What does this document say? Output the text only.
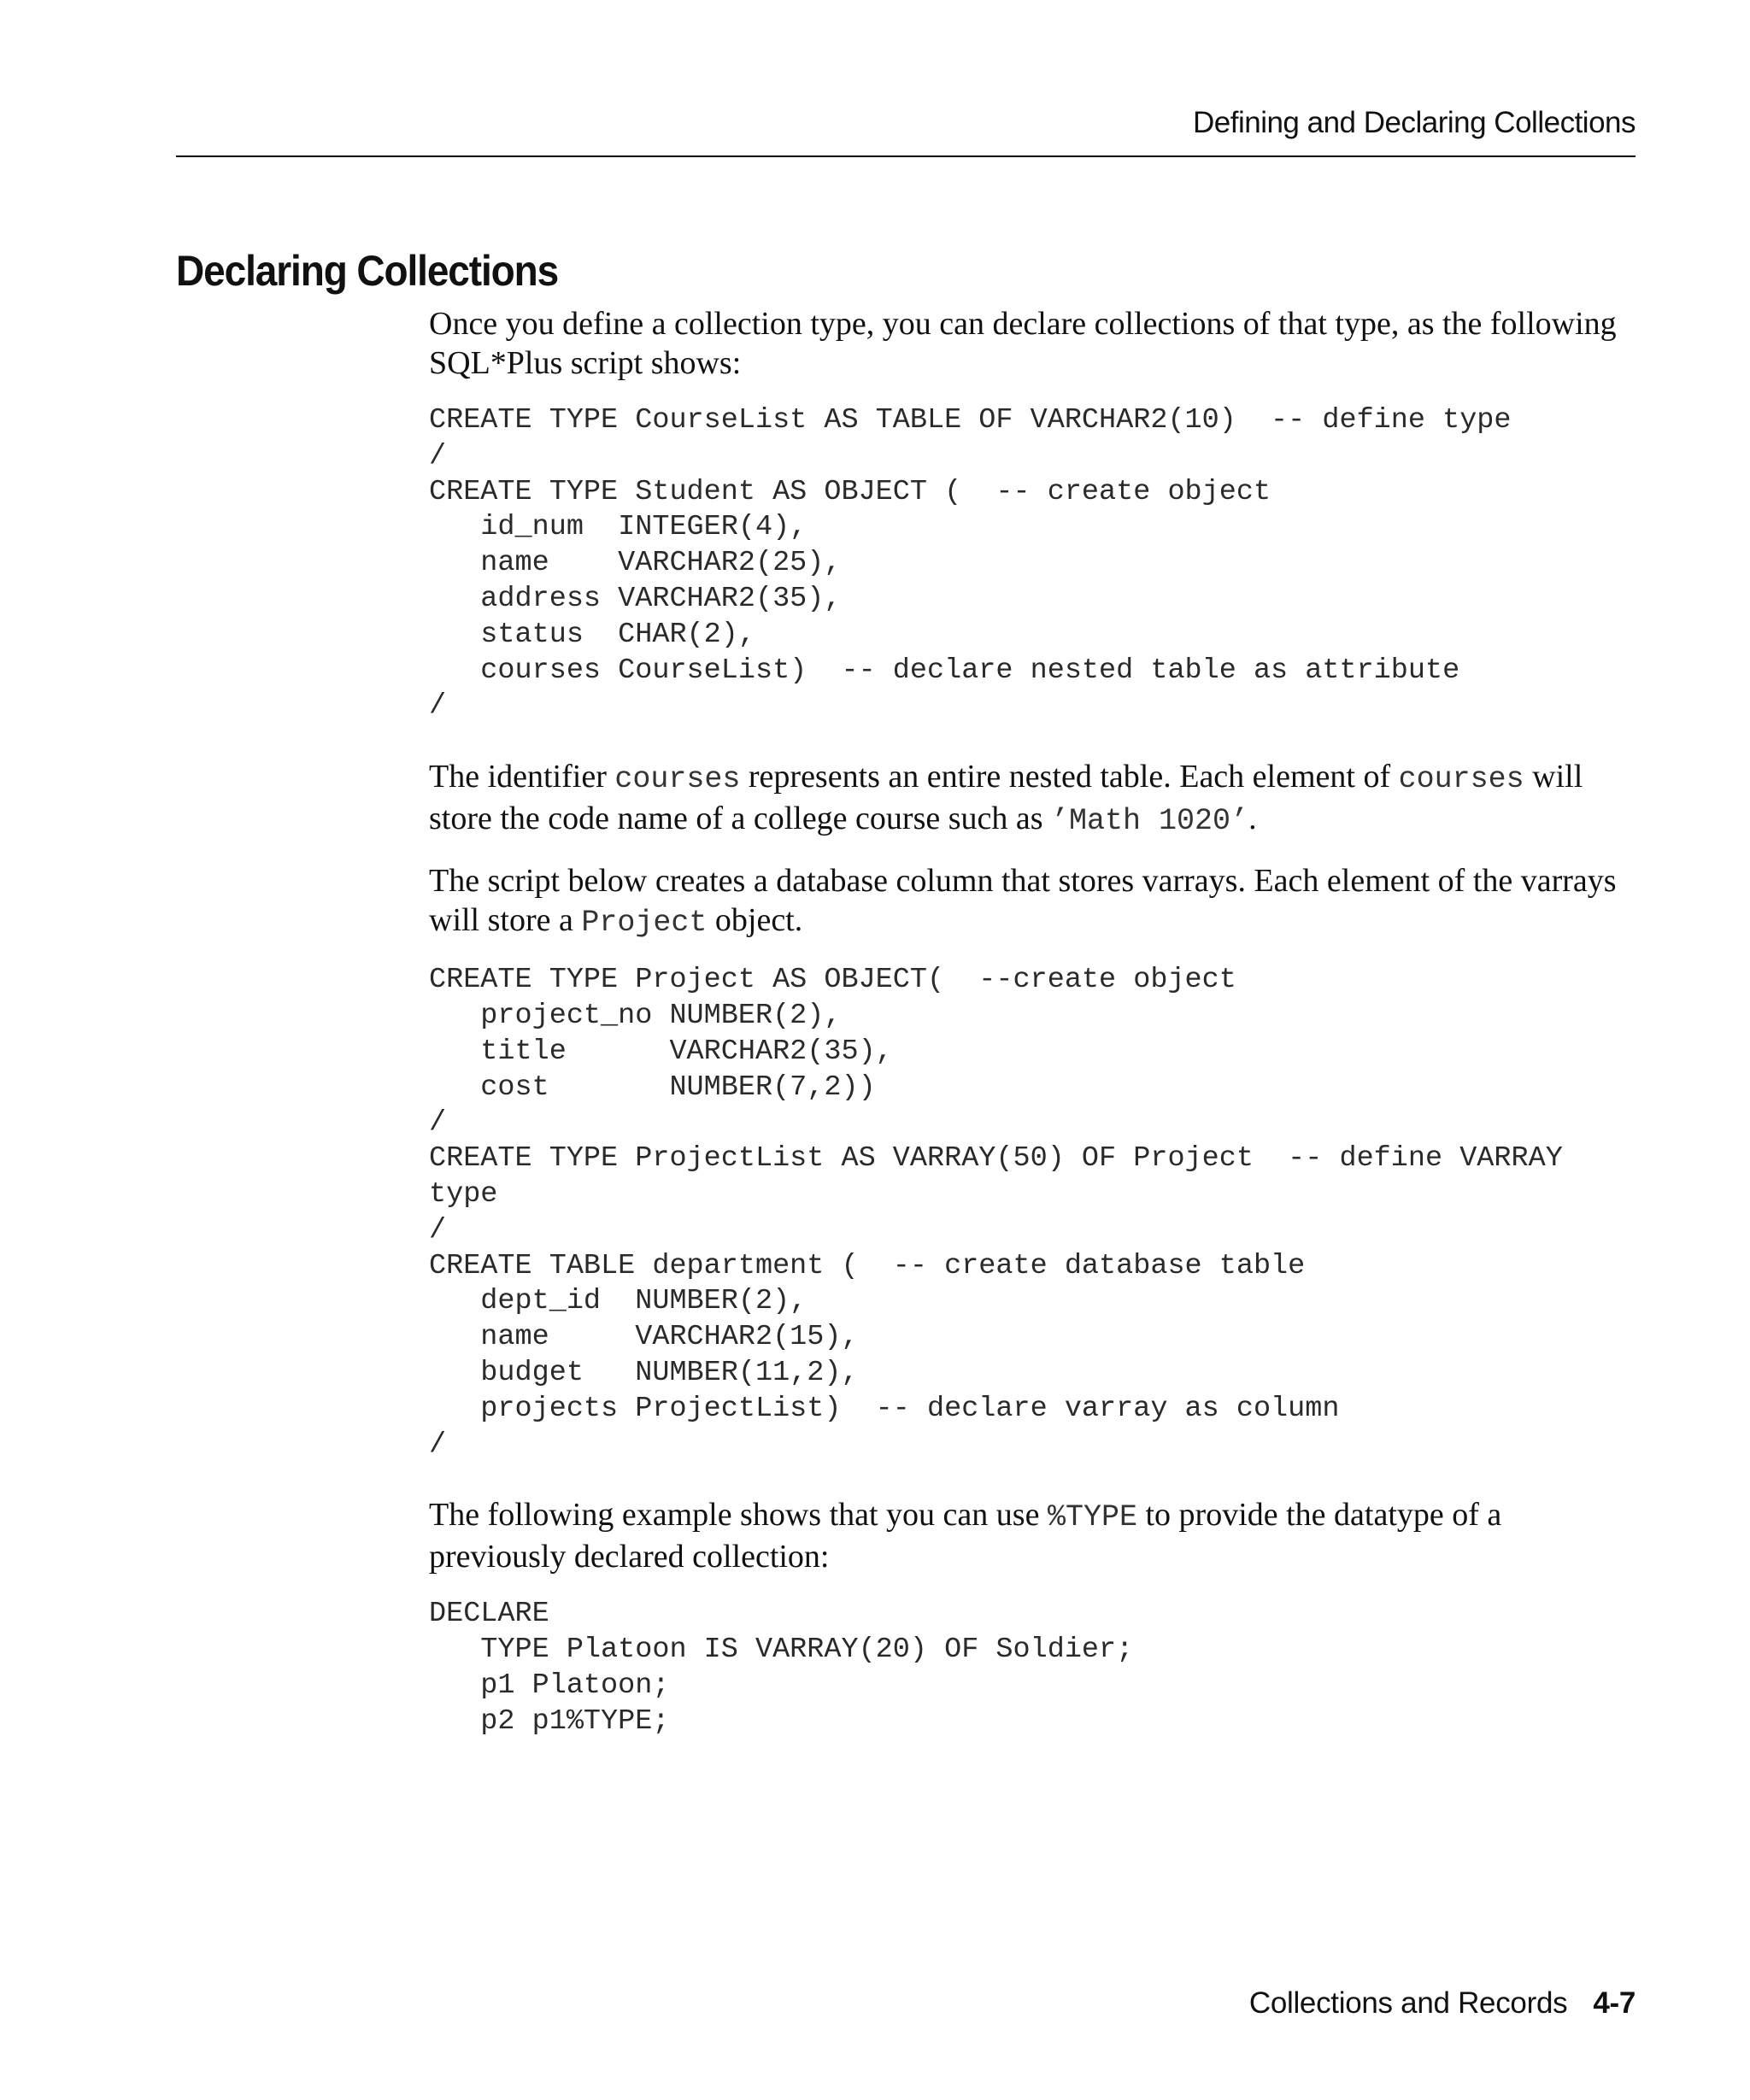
Defining and Declaring Collections
Declaring Collections

Once you define a collection type, you can declare collections of that type, as the following SQL*Plus script shows:

CREATE TYPE CourseList AS TABLE OF VARCHAR2(10)  -- define type
/
CREATE TYPE Student AS OBJECT (  -- create object
id_num  INTEGER(4),
name    VARCHAR2(25),
address VARCHAR2(35),
status  CHAR(2),
courses CourseList)  -- declare nested table as attribute
/

The identifier courses represents an entire nested table. Each element of courses will store the code name of a college course such as ’Math 1020’.

The script below creates a database column that stores varrays. Each element of the varrays will store a Project object.

CREATE TYPE Project AS OBJECT(  --create object
project_no NUMBER(2),
title      VARCHAR2(35),
cost       NUMBER(7,2))
/
CREATE TYPE ProjectList AS VARRAY(50) OF Project  -- define VARRAY
type
/
CREATE TABLE department (  -- create database table
dept_id  NUMBER(2),
name     VARCHAR2(15),
budget   NUMBER(11,2),
projects ProjectList)  -- declare varray as column
/

The following example shows that you can use %TYPE to provide the datatype of a previously declared collection:

DECLARE
TYPE Platoon IS VARRAY(20) OF Soldier;
p1 Platoon;
p2 p1%TYPE;
Collections and Records 4-7
